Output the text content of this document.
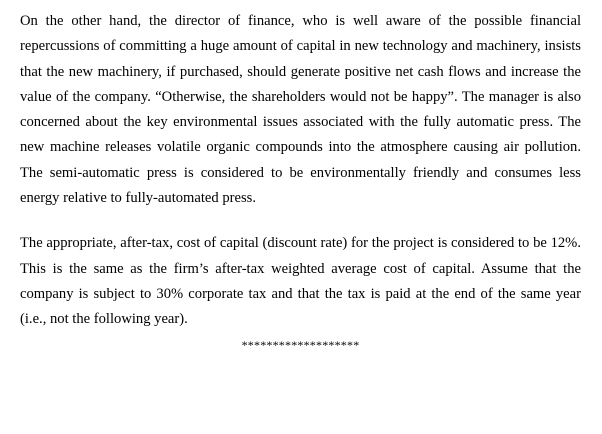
On the other hand, the director of finance, who is well aware of the possible financial
repercussions of committing a huge amount of capital in new technology and machinery, insists
that the new machinery, if purchased, should generate positive net cash flows and increase the
value of the company. “Otherwise, the shareholders would not be happy”. The manager is also
concerned about the key environmental issues associated with the fully automatic press. The
new machine releases volatile organic compounds into the atmosphere causing air pollution.
The semi-automatic press is considered to be environmentally friendly and consumes less
energy relative to fully-automated press.

The appropriate, after-tax, cost of capital (discount rate) for the project is considered to be 12%.
This is the same as the firm’s after-tax weighted average cost of capital. Assume that the
company is subject to 30% corporate tax and that the tax is paid at the end of the same year
(i.e., not the following year).

*******************
